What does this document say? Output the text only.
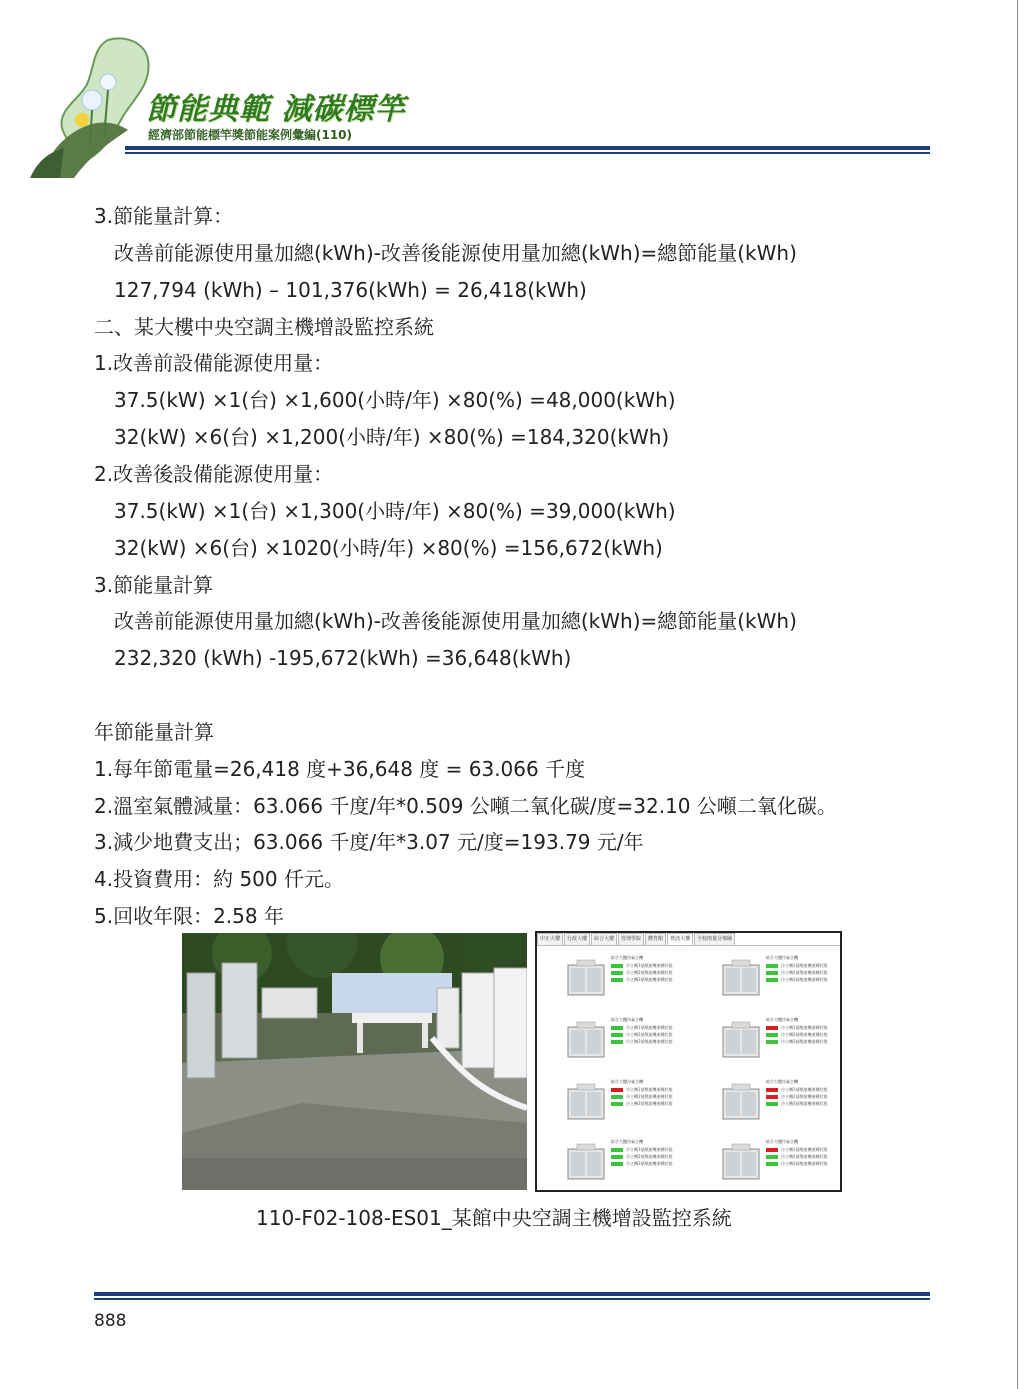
節能典範 減碳標竿
經濟部節能標竿獎節能案例彙編(110)
3.節能量計算：
改善前能源使用量加總(kWh)-改善後能源使用量加總(kWh)=總節能量(kWh)
127,794 (kWh) – 101,376(kWh) = 26,418(kWh)
二、某大樓中央空調主機增設監控系統
1.改善前設備能源使用量：
37.5(kW) ×1(台) ×1,600(小時/年) ×80(%) =48,000(kWh)
32(kW) ×6(台) ×1,200(小時/年) ×80(%) =184,320(kWh)
2.改善後設備能源使用量：
37.5(kW) ×1(台) ×1,300(小時/年) ×80(%) =39,000(kWh)
32(kW) ×6(台) ×1020(小時/年) ×80(%) =156,672(kWh)
3.節能量計算
改善前能源使用量加總(kWh)-改善後能源使用量加總(kWh)=總節能量(kWh)
232,320 (kWh) -195,672(kWh) =36,648(kWh)
年節能量計算
1.每年節電量=26,418 度+36,648 度 = 63.066 千度
2.溫室氣體減量：63.066 千度/年*0.509 公噸二氧化碳/度=32.10 公噸二氧化碳。
3.減少地費支出；63.066 千度/年*3.07 元/度=193.79 元/年
4.投資費用：約 500 仟元。
5.回收年限：2.58 年
中正大樓	行政大樓	綜合大樓	管理學院	體育館	資訊大樓	全校雨量分佈圖
綜合大樓冷氣主機
冷主機1號壓縮機運轉狀態
冷主機2號壓縮機運轉狀態
冷主機3號壓縮機運轉狀態
綜合大樓冷氣主機
冷主機1號壓縮機運轉狀態
冷主機2號壓縮機運轉狀態
冷主機3號壓縮機運轉狀態
綜合大樓冷氣主機
冷主機1號壓縮機運轉狀態
冷主機2號壓縮機運轉狀態
冷主機3號壓縮機運轉狀態
綜合大樓冷氣主機
冷主機1號壓縮機運轉狀態
冷主機2號壓縮機運轉狀態
冷主機3號壓縮機運轉狀態
綜合大樓冷氣主機
冷主機1號壓縮機運轉狀態
冷主機2號壓縮機運轉狀態
冷主機3號壓縮機運轉狀態
綜合大樓冷氣主機
冷主機1號壓縮機運轉狀態
冷主機2號壓縮機運轉狀態
冷主機3號壓縮機運轉狀態
綜合大樓冷氣主機
冷主機1號壓縮機運轉狀態
冷主機2號壓縮機運轉狀態
冷主機3號壓縮機運轉狀態
綜合大樓冷氣主機
冷主機1號壓縮機運轉狀態
冷主機2號壓縮機運轉狀態
冷主機3號壓縮機運轉狀態
110-F02-108-ES01_某館中央空調主機增設監控系統
888
